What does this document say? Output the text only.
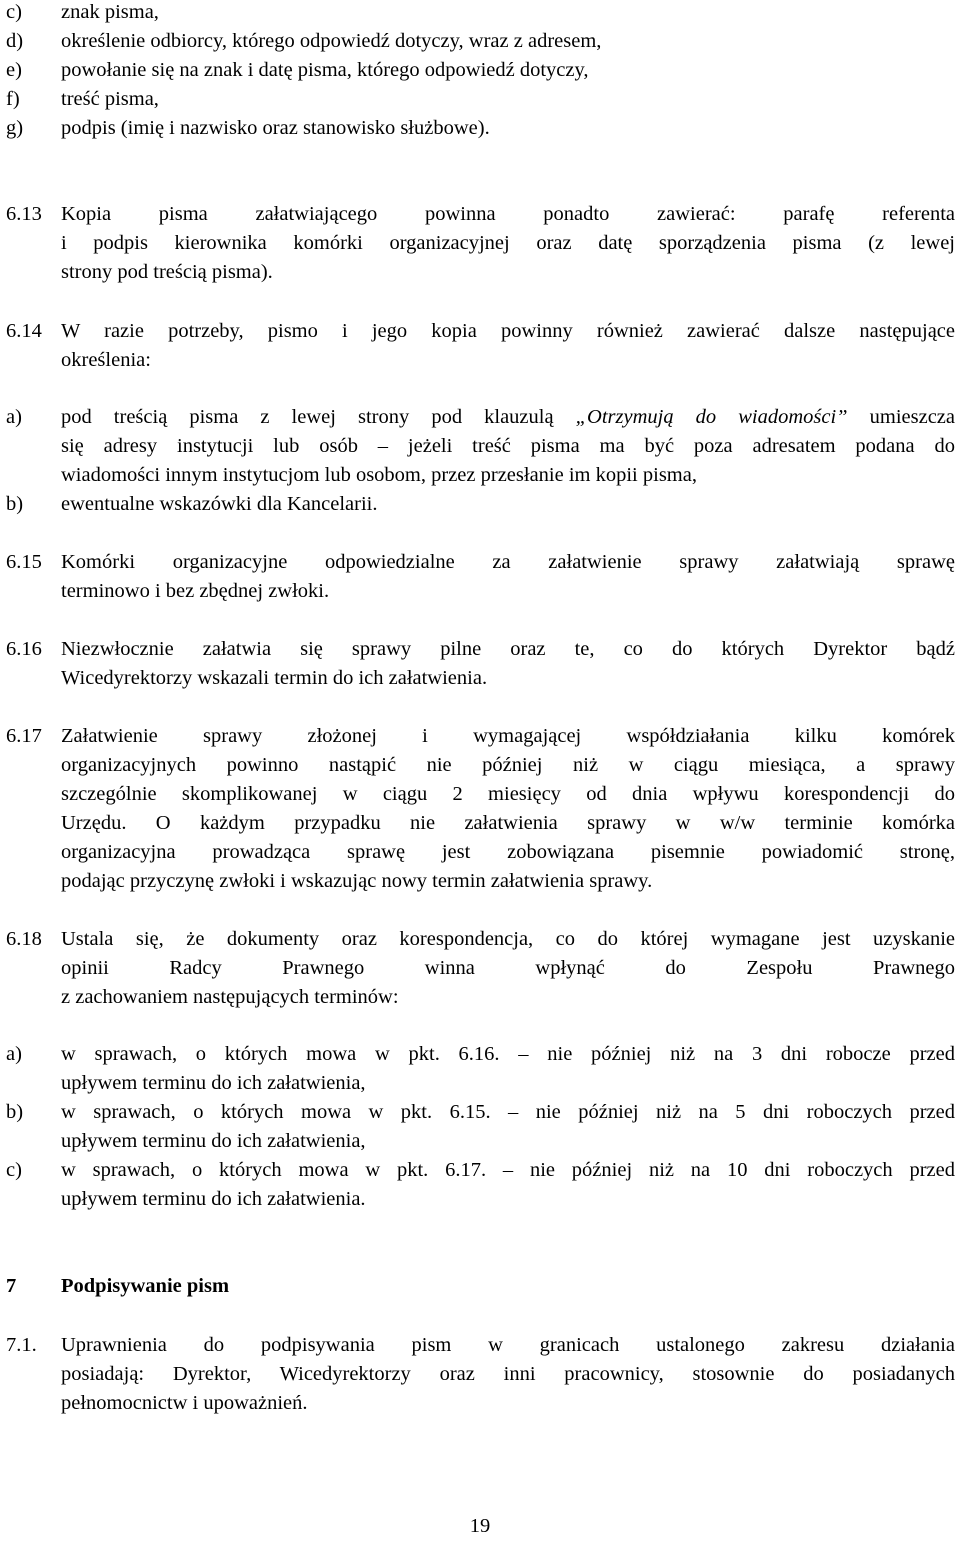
c) znak pisma,
d) określenie odbiorcy, którego odpowiedź dotyczy, wraz z adresem,
e) powołanie się na znak i datę pisma, którego odpowiedź dotyczy,
f) treść pisma,
g) podpis (imię i nazwisko oraz stanowisko służbowe).
6.13 Kopia pisma załatwiającego powinna ponadto zawierać: parafę referenta
i podpis kierownika komórki organizacyjnej oraz datę sporządzenia pisma (z lewej
strony pod treścią pisma).
6.14 W razie potrzeby, pismo i jego kopia powinny również zawierać dalsze następujące
określenia:
a) pod treścią pisma z lewej strony pod klauzulą „Otrzymują do wiadomości” umieszcza
się adresy instytucji lub osób – jeżeli treść pisma ma być poza adresatem podana do
wiadomości innym instytucjom lub osobom, przez przesłanie im kopii pisma,
b) ewentualne wskazówki dla Kancelarii.
6.15 Komórki organizacyjne odpowiedzialne za załatwienie sprawy załatwiają sprawę
terminowo i bez zbędnej zwłoki.
6.16 Niezwłocznie załatwia się sprawy pilne oraz te, co do których Dyrektor bądź
Wicedyrektorzy wskazali termin do ich załatwienia.
6.17 Załatwienie sprawy złożonej i wymagającej współdziałania kilku komórek
organizacyjnych powinno nastąpić nie później niż w ciągu miesiąca, a sprawy
szczególnie skomplikowanej w ciągu 2 miesięcy od dnia wpływu korespondencji do
Urzędu. O każdym przypadku nie załatwienia sprawy w w/w terminie komórka
organizacyjna prowadząca sprawę jest zobowiązana pisemnie powiadomić stronę,
podając przyczynę zwłoki i wskazując nowy termin załatwienia sprawy.
6.18 Ustala się, że dokumenty oraz korespondencja, co do której wymagane jest uzyskanie
opinii Radcy Prawnego winna wpłynąć do Zespołu Prawnego
z zachowaniem następujących terminów:
a) w sprawach, o których mowa w pkt. 6.16. – nie później niż na 3 dni robocze przed
upływem terminu do ich załatwienia,
b) w sprawach, o których mowa w pkt. 6.15. – nie później niż na 5 dni roboczych przed
upływem terminu do ich załatwienia,
c) w sprawach, o których mowa w pkt. 6.17. – nie później niż na 10 dni roboczych przed
upływem terminu do ich załatwienia.
7 Podpisywanie pism
7.1. Uprawnienia do podpisywania pism w granicach ustalonego zakresu działania
posiadają: Dyrektor, Wicedyrektorzy oraz inni pracownicy, stosownie do posiadanych
pełnomocnictw i upoważnień.
19
